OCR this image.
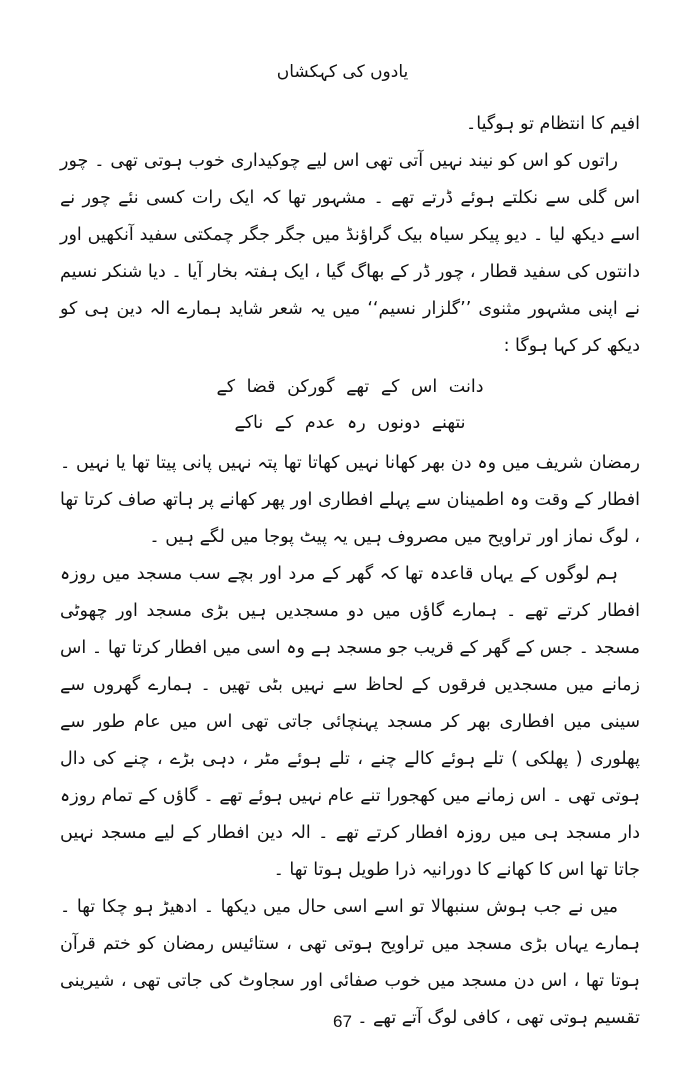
یادوں کی کہکشاں

افیم کا انتظام تو ہوگیا۔

راتوں کو اس کو نیند نہیں آتی تھی اس لیے چوکیداری خوب ہوتی تھی ۔ چور اس گلی سے نکلتے ہوئے ڈرتے تھے ۔ مشہور تھا کہ ایک رات کسی نئے چور نے اسے دیکھ لیا ۔ دیو پیکر سیاہ بیک گراؤنڈ میں جگر جگر چمکتی سفید آنکھیں اور دانتوں کی سفید قطار ، چور ڈر کے بھاگ گیا ، ایک ہفتہ بخار آیا ۔ دیا شنکر نسیم نے اپنی مشہور مثنوی ’’گلزار نسیم‘‘ میں یہ شعر شاید ہمارے الہ دین ہی کو دیکھ کر کہا ہوگا :

دانت اس کے تھے گورکن قضا کے
نتھنے دونوں رہ عدم کے ناکے

رمضان شریف میں وہ دن بھر کھانا نہیں کھاتا تھا پتہ نہیں پانی پیتا تھا یا نہیں ۔ افطار کے وقت وہ اطمینان سے پہلے افطاری اور پھر کھانے پر ہاتھ صاف کرتا تھا ، لوگ نماز اور تراویح میں مصروف ہیں یہ پیٹ پوجا میں لگے ہیں ۔

ہم لوگوں کے یہاں قاعدہ تھا کہ گھر کے مرد اور بچے سب مسجد میں روزہ افطار کرتے تھے ۔ ہمارے گاؤں میں دو مسجدیں ہیں بڑی مسجد اور چھوٹی مسجد ۔ جس کے گھر کے قریب جو مسجد ہے وہ اسی میں افطار کرتا تھا ۔ اس زمانے میں مسجدیں فرقوں کے لحاظ سے نہیں بٹی تھیں ۔ ہمارے گھروں سے سینی میں افطاری بھر کر مسجد پہنچائی جاتی تھی اس میں عام طور سے پھلوری ( پھلکی ) تلے ہوئے کالے چنے ، تلے ہوئے مٹر ، دہی بڑے ، چنے کی دال ہوتی تھی ۔ اس زمانے میں کھجورا تنے عام نہیں ہوئے تھے ۔ گاؤں کے تمام روزہ دار مسجد ہی میں روزہ افطار کرتے تھے ۔ الہ دین افطار کے لیے مسجد نہیں جاتا تھا اس کا کھانے کا دورانیہ ذرا طویل ہوتا تھا ۔

میں نے جب ہوش سنبھالا تو اسے اسی حال میں دیکھا ۔ ادھیڑ ہو چکا تھا ۔ ہمارے یہاں بڑی مسجد میں تراویح ہوتی تھی ، ستائیس رمضان کو ختم قرآن ہوتا تھا ، اس دن مسجد میں خوب صفائی اور سجاوٹ کی جاتی تھی ، شیرینی تقسیم ہوتی تھی ، کافی لوگ آتے تھے ۔

67
